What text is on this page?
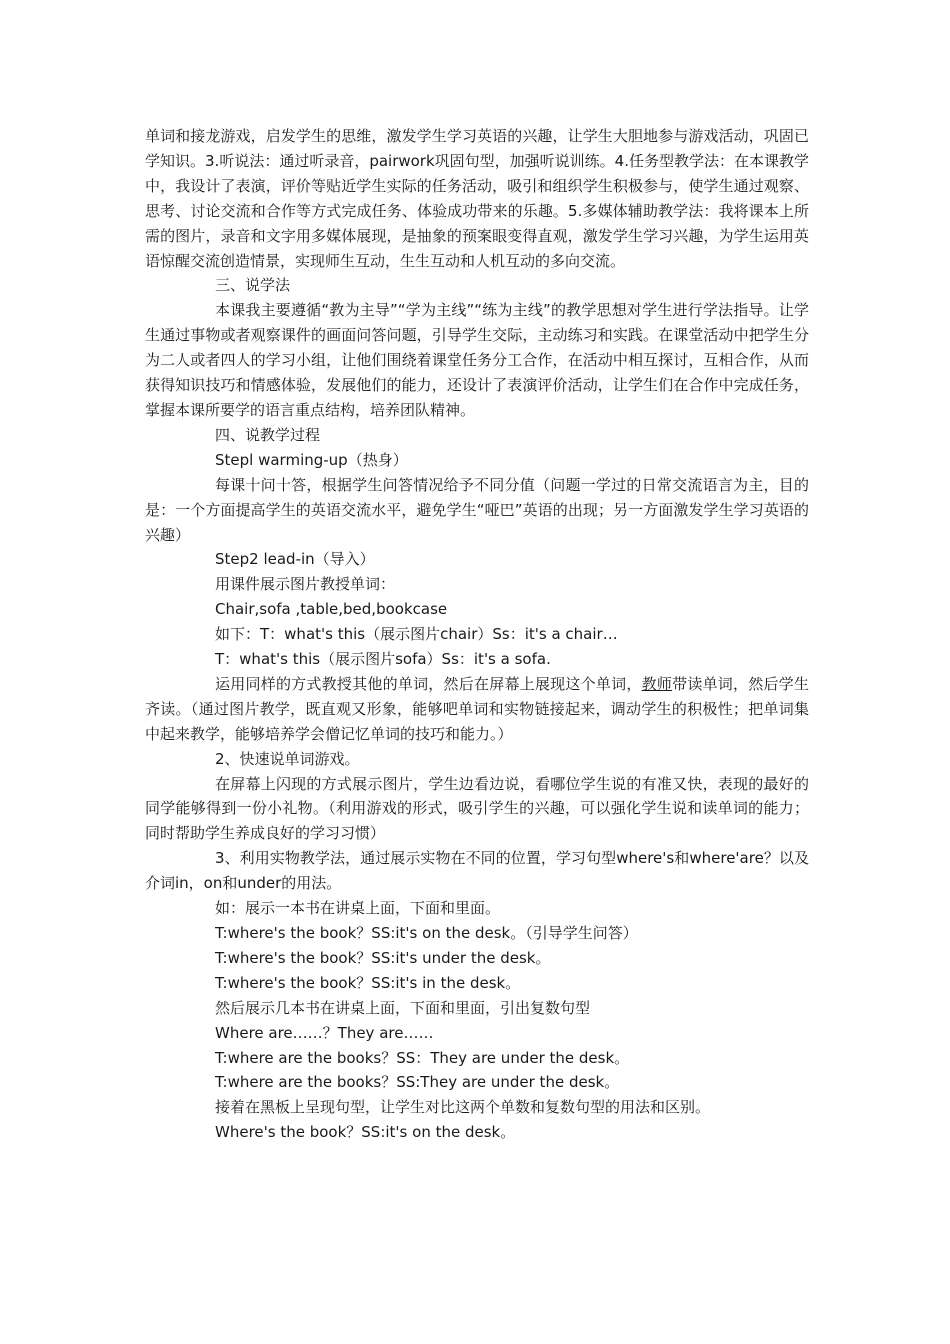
单词和接龙游戏，启发学生的思维，激发学生学习英语的兴趣，让学生大胆地参与游戏活动，巩固已学知识。3.听说法：通过听录音，pairwork巩固句型，加强听说训练。4.任务型教学法：在本课教学中，我设计了表演，评价等贴近学生实际的任务活动，吸引和组织学生积极参与，使学生通过观察、思考、讨论交流和合作等方式完成任务、体验成功带来的乐趣。5.多媒体辅助教学法：我将课本上所需的图片，录音和文字用多媒体展现，是抽象的预案眼变得直观，激发学生学习兴趣，为学生运用英语惊醒交流创造情景，实现师生互动，生生互动和人机互动的多向交流。

三、说学法

本课我主要遵循“教为主导”“学为主线”“练为主线”的教学思想对学生进行学法指导。让学生通过事物或者观察课件的画面问答问题，引导学生交际，主动练习和实践。在课堂活动中把学生分为二人或者四人的学习小组，让他们围绕着课堂任务分工合作，在活动中相互探讨，互相合作，从而获得知识技巧和情感体验，发展他们的能力，还设计了表演评价活动，让学生们在合作中完成任务，掌握本课所要学的语言重点结构，培养团队精神。

四、说教学过程

Stepl warming-up（热身）

每课十问十答，根据学生问答情况给予不同分值（问题一学过的日常交流语言为主，目的是：一个方面提高学生的英语交流水平，避免学生“哑巴”英语的出现；另一方面激发学生学习英语的兴趣）

Step2 lead-in（导入）

用课件展示图片教授单词：

Chair,sofa ,table,bed,bookcase

如下：T：what's this（展示图片chair）Ss：it's a chair…

T：what's this（展示图片sofa）Ss：it's a sofa.

运用同样的方式教授其他的单词，然后在屏幕上展现这个单词，教师带读单词，然后学生齐读。（通过图片教学，既直观又形象，能够吧单词和实物链接起来，调动学生的积极性；把单词集中起来教学，能够培养学会僧记忆单词的技巧和能力。）

2、快速说单词游戏。

在屏幕上闪现的方式展示图片，学生边看边说，看哪位学生说的有准又快，表现的最好的同学能够得到一份小礼物。（利用游戏的形式，吸引学生的兴趣，可以强化学生说和读单词的能力；同时帮助学生养成良好的学习习惯）

3、利用实物教学法，通过展示实物在不同的位置，学习句型where's和where'are？以及介词in，on和under的用法。

如：展示一本书在讲桌上面，下面和里面。

T:where's the book？SS:it's on the desk。（引导学生问答）

T:where's the book？SS:it's under the desk。

T:where's the book？SS:it's in the desk。

然后展示几本书在讲桌上面，下面和里面，引出复数句型

Where are……？They are……

T:where are the books？SS：They are under the desk。

T:where are the books？SS:They are under the desk。

接着在黑板上呈现句型，让学生对比这两个单数和复数句型的用法和区别。

Where's the book？SS:it's on the desk。
